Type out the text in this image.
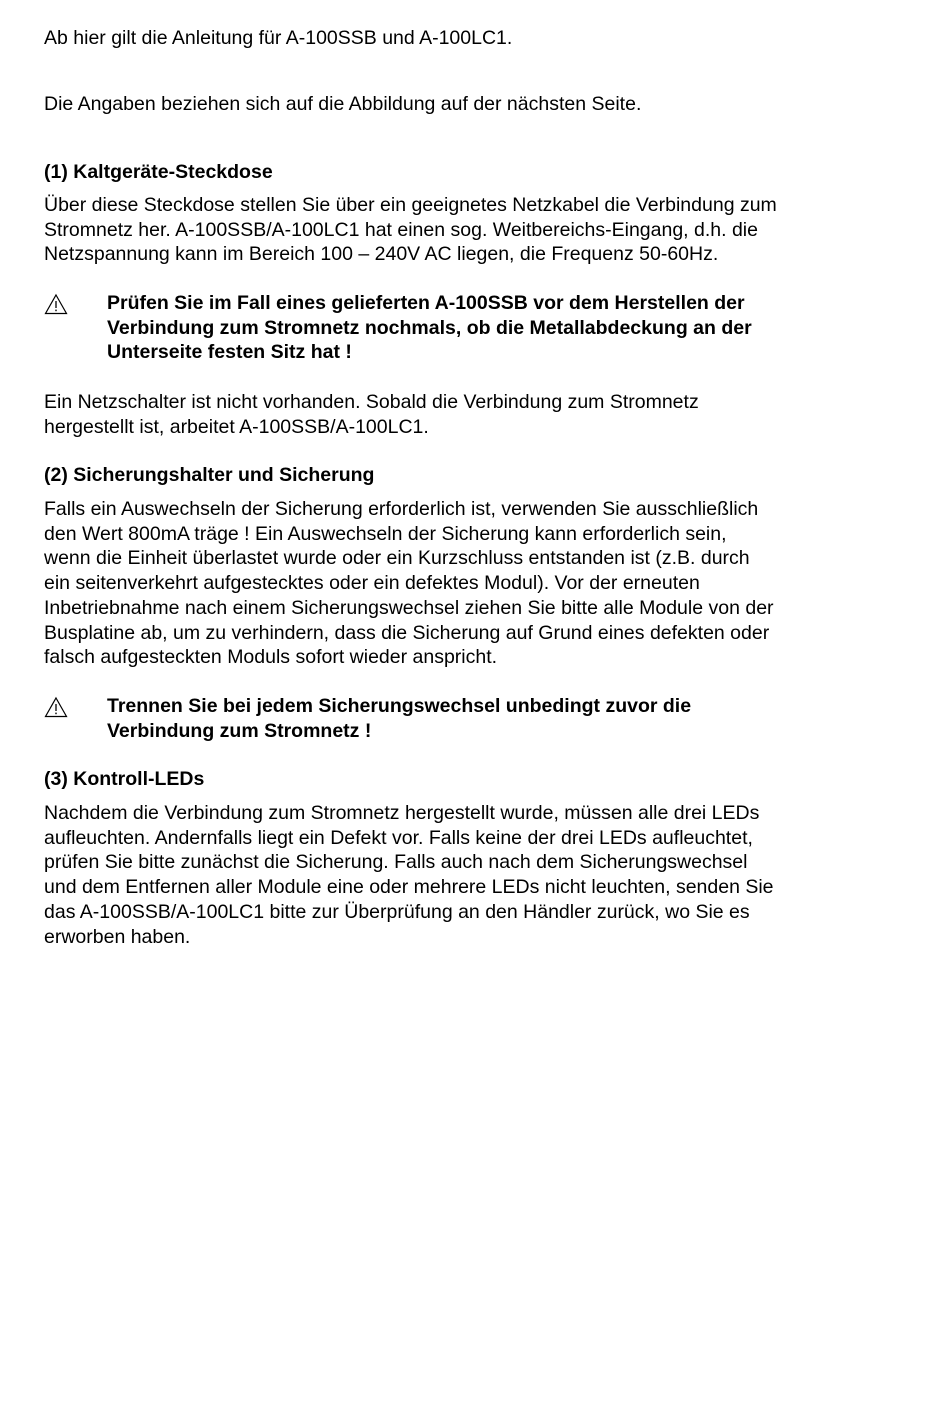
Ab hier gilt die Anleitung für A-100SSB und A-100LC1.
Die Angaben beziehen sich auf die Abbildung auf der nächsten Seite.
(1) Kaltgeräte-Steckdose
Über diese Steckdose stellen Sie über ein geeignetes Netzkabel die Verbindung zum
Stromnetz her. A-100SSB/A-100LC1 hat einen sog. Weitbereichs-Eingang, d.h. die
Netzspannung kann im Bereich 100 – 240V AC liegen, die Frequenz 50-60Hz.
Prüfen Sie im Fall eines gelieferten A-100SSB vor dem Herstellen der
Verbindung zum Stromnetz nochmals, ob die Metallabdeckung an der
Unterseite festen Sitz hat !
Ein Netzschalter ist nicht vorhanden. Sobald die Verbindung zum Stromnetz
hergestellt ist, arbeitet A-100SSB/A-100LC1.
(2) Sicherungshalter und Sicherung
Falls ein Auswechseln der Sicherung erforderlich ist, verwenden Sie ausschließlich
den Wert 800mA träge ! Ein Auswechseln der Sicherung kann erforderlich sein,
wenn die Einheit überlastet wurde oder ein Kurzschluss entstanden ist (z.B. durch
ein seitenverkehrt aufgestecktes oder ein defektes Modul). Vor der erneuten
Inbetriebnahme nach einem Sicherungswechsel ziehen Sie bitte alle Module von der
Busplatine ab, um zu verhindern, dass die Sicherung auf Grund eines defekten oder
falsch aufgesteckten Moduls sofort wieder anspricht.
Trennen Sie bei jedem Sicherungswechsel unbedingt zuvor die
Verbindung zum Stromnetz !
(3) Kontroll-LEDs
Nachdem die Verbindung zum Stromnetz hergestellt wurde, müssen alle drei LEDs
aufleuchten. Andernfalls liegt ein Defekt vor. Falls keine der drei LEDs aufleuchtet,
prüfen Sie bitte zunächst die Sicherung. Falls auch nach dem Sicherungswechsel
und dem Entfernen aller Module eine oder mehrere LEDs nicht leuchten, senden Sie
das A-100SSB/A-100LC1 bitte zur Überprüfung an den Händler zurück, wo Sie es
erworben haben.
